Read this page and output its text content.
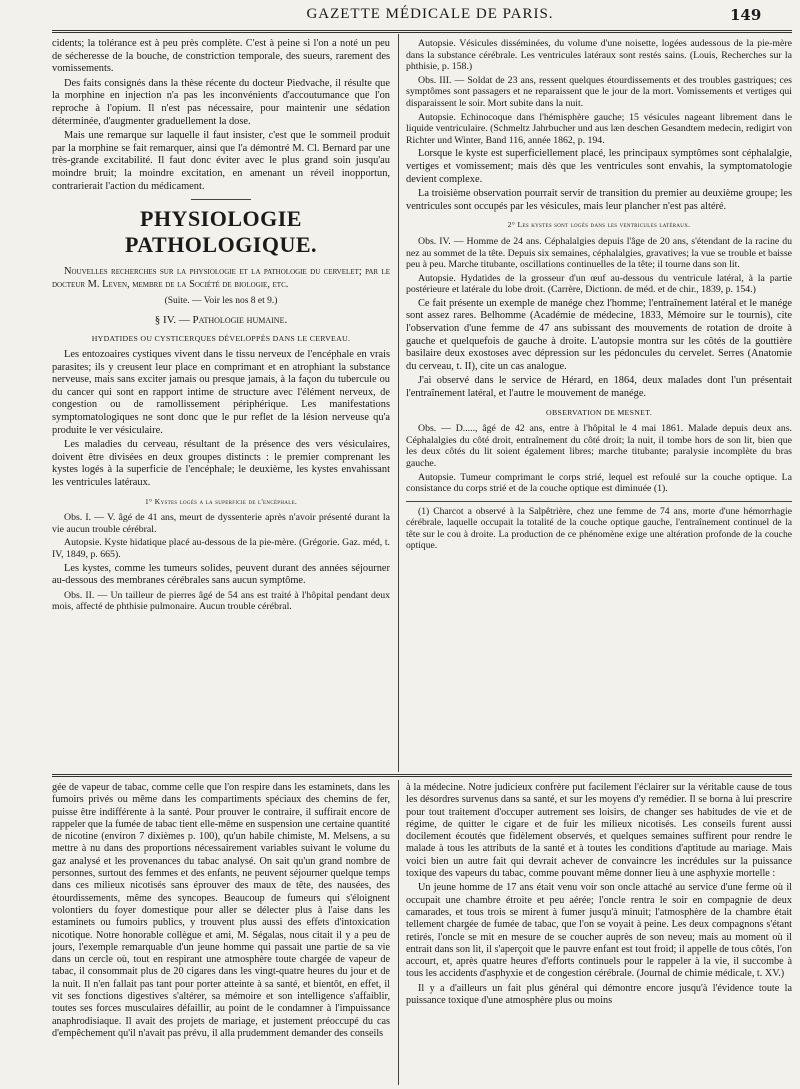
GAZETTE MÉDICALE DE PARIS.	149

cidents; la tolérance est à peu près complète. C'est à peine si l'on a noté un peu de sécheresse de la bouche, de constriction temporale, des sueurs, rarement des vomissements.

Des faits consignés dans la thèse récente du docteur Piedvache, il résulte que la morphine en injection n'a pas les inconvénients d'accoutumance que l'on reproche à l'opium. Il n'est pas nécessaire, pour maintenir une sédation déterminée, d'augmenter graduellement la dose.

Mais une remarque sur laquelle il faut insister, c'est que le sommeil produit par la morphine se fait remarquer, ainsi que l'a démontré M. Cl. Bernard par une très-grande excitabilité. Il faut donc éviter avec le plus grand soin jusqu'au moindre bruit; la moindre excitation, en amenant un réveil inopportun, contrarierait l'action du médicament.

PHYSIOLOGIE PATHOLOGIQUE.

Nouvelles recherches sur la physiologie et la pathologie du cervelet; par le docteur M. Leven, membre de la Société de biologie, etc.

(Suite. — Voir les nos 8 et 9.)
§ IV. — Pathologie humaine.
HYDATIDES OU CYSTICERQUES DÉVELOPPÉS DANS LE CERVEAU.

Les entozoaires cystiques vivent dans le tissu nerveux de l'encéphale en vrais parasites; ils y creusent leur place en comprimant et en atrophiant la substance nerveuse, mais sans exciter jamais ou presque jamais, à la façon du tubercule ou du cancer qui sont en rapport intime de structure avec l'élément nerveux, de congestion ou de ramollissement périphérique. Les manifestations symptomatologiques ne sont donc que le pur reflet de la lésion nerveuse qu'a produite le ver vésiculaire.

Les maladies du cerveau, résultant de la présence des vers vésiculaires, doivent être divisées en deux groupes distincts : le premier comprenant les kystes logés à la superficie de l'encéphale; le deuxième, les kystes envahissant les ventricules latéraux.

1° Kystes logés a la superficie de l'encéphale.

Obs. I. — V. âgé de 41 ans, meurt de dyssenterie après n'avoir présenté durant la vie aucun trouble cérébral.

Autopsie. Kyste hidatique placé au-dessous de la pie-mère. (Grégorie. Gaz. méd, t. IV, 1849, p. 665).

Les kystes, comme les tumeurs solides, peuvent durant des années séjourner au-dessous des membranes cérébrales sans aucun symptôme.

Obs. II. — Un tailleur de pierres âgé de 54 ans est traité à l'hôpital pendant deux mois, affecté de phthisie pulmonaire. Aucun trouble cérébral.

Autopsie. Vésicules disséminées, du volume d'une noisette, logées audessous de la pie-mère dans la substance cérébrale. Les ventricules latéraux sont restés sains. (Louis, Recherches sur la phthisie, p. 158.)

Obs. III. — Soldat de 23 ans, ressent quelques étourdissements et des troubles gastriques; ces symptômes sont passagers et ne reparaissent que le jour de la mort. Vomissements et vertiges qui disparaissent le soir. Mort subite dans la nuit.

Autopsie. Echinocoque dans l'hémisphère gauche; 15 vésicules nageant librement dans le liquide ventriculaire. (Schmeltz Jahrbucher und aus læn deschen Gesandtem medecin, redigirt von Richter und Winter, Band 116, année 1862, p. 194.

Lorsque le kyste est superficiellement placé, les principaux symptômes sont céphalalgie, vertiges et vomissement; mais dès que les ventricules sont envahis, la symptomatologie devient complexe.

La troisième observation pourrait servir de transition du premier au deuxième groupe; les ventricules sont occupés par les vésicules, mais leur plancher n'est pas altéré.

2° Les kystes sont logés dans les ventricules latéraux.

Obs. IV. — Homme de 24 ans. Céphalalgies depuis l'âge de 20 ans, s'étendant de la racine du nez au sommet de la tête. Depuis six semaines, céphalalgies, gravatives; la vue se trouble et baisse peu à peu. Marche titubante, oscillations continuelles de la tête; il tourne dans son lit.

Autopsie. Hydatides de la grosseur d'un œuf au-dessous du ventricule latéral, à la partie postérieure et latérale du lobe droit. (Carrère, Dictionn. de méd. et de chir., 1839, p. 154.)

Ce fait présente un exemple de manége chez l'homme; l'entraînement latéral et le manége sont assez rares. Belhomme (Académie de médecine, 1833, Mémoire sur le tournis), cite l'observation d'une femme de 47 ans subissant des mouvements de rotation de droite à gauche et quelquefois de gauche à droite. L'autopsie montra sur les côtés de la gouttière basilaire deux exostoses avec dépression sur les pédoncules du cervelet. Serres (Anatomie du cerveau, t. II), cite un cas analogue.

J'ai observé dans le service de Hérard, en 1864, deux malades dont l'un présentait l'entraînement latéral, et l'autre le mouvement de manége.

OBSERVATION DE MESNET.

Obs. — D....., âgé de 42 ans, entre à l'hôpital le 4 mai 1861. Malade depuis deux ans. Céphalalgies du côté droit, entraînement du côté droit; la nuit, il tombe hors de son lit, bien que les deux côtés du lit soient également libres; marche titubante; paralysie incomplète du bras gauche.

Autopsie. Tumeur comprimant le corps strié, lequel est refoulé sur la couche optique. La consistance du corps strié et de la couche optique est diminuée (1).

(1) Charcot a observé à la Salpêtrière, chez une femme de 74 ans, morte d'une hémorrhagie cérébrale, laquelle occupait la totalité de la couche optique gauche, l'entraînement continuel de la tête sur le cou à droite. La production de ce phénomène exige une altération profonde de la couche optique.

gée de vapeur de tabac, comme celle que l'on respire dans les estaminets, dans les fumoirs privés ou même dans les compartiments spéciaux des chemins de fer, puisse être indifférente à la santé. Pour prouver le contraire, il suffirait encore de rappeler que la fumée de tabac tient elle-même en suspension une certaine quantité de nicotine (environ 7 dixièmes p. 100), qu'un habile chimiste, M. Melsens, a su mettre à nu dans des proportions nécessairement variables suivant le volume du gaz analysé et les provenances du tabac analysé. On sait qu'un grand nombre de personnes, surtout des femmes et des enfants, ne peuvent séjourner quelque temps dans ces milieux nicotisés sans éprouver des maux de tête, des nausées, des étourdissements, même des syncopes. Beaucoup de fumeurs qui s'éloignent volontiers du foyer domestique pour aller se délecter plus à l'aise dans les estaminets ou fumoirs publics, y trouvent plus aussi des effets d'intoxication nicotique. Notre honorable collègue et ami, M. Ségalas, nous citait il y a peu de jours, l'exemple remarquable d'un jeune homme qui passait une partie de sa vie dans un cercle où, tout en respirant une atmosphère toute chargée de vapeur de tabac, il consommait plus de 20 cigares dans les vingt-quatre heures du jour et de la nuit. Il n'en fallait pas tant pour porter atteinte à sa santé, et bientôt, en effet, il vit ses fonctions digestives s'altérer, sa mémoire et son intelligence s'affaiblir, toutes ses forces musculaires défaillir, au point de le condamner à l'impuissance anaphrodisiaque. Il avait des projets de mariage, et justement préoccupé du cas d'empêchement qu'il n'avait pas prévu, il alla prudemment demander des conseils

à la médecine. Notre judicieux confrère put facilement l'éclairer sur la véritable cause de tous les désordres survenus dans sa santé, et sur les moyens d'y remédier. Il se borna à lui prescrire pour tout traitement d'occuper autrement ses loisirs, de changer ses habitudes de vie et de régime, de quitter le cigare et de fuir les milieux nicotisés. Les conseils furent aussi docilement écoutés que fidèlement observés, et quelques semaines suffirent pour rendre le malade à tous les attributs de la santé et à toutes les conditions d'aptitude au mariage. Mais voici bien un autre fait qui devrait achever de convaincre les incrédules sur la puissance toxique des vapeurs du tabac, comme pouvant même donner lieu à une asphyxie mortelle :

Un jeune homme de 17 ans était venu voir son oncle attaché au service d'une ferme où il occupait une chambre étroite et peu aérée; l'oncle rentra le soir en compagnie de deux camarades, et tous trois se mirent à fumer jusqu'à minuit; l'atmosphère de la chambre était tellement chargée de fumée de tabac, que l'on se voyait à peine. Les deux compagnons s'étant retirés, l'oncle se mit en mesure de se coucher auprès de son neveu; mais au moment où il entrait dans son lit, il s'aperçoit que le pauvre enfant est tout froid; il appelle de tous côtés, l'on accourt, et, après quatre heures d'efforts continuels pour le rappeler à la vie, il succombe à tous les accidents d'asphyxie et de congestion cérébrale. (Journal de chimie médicale, t. XV.)

Il y a d'ailleurs un fait plus général qui démontre encore jusqu'à l'évidence toute la puissance toxique d'une atmosphère plus ou moins
